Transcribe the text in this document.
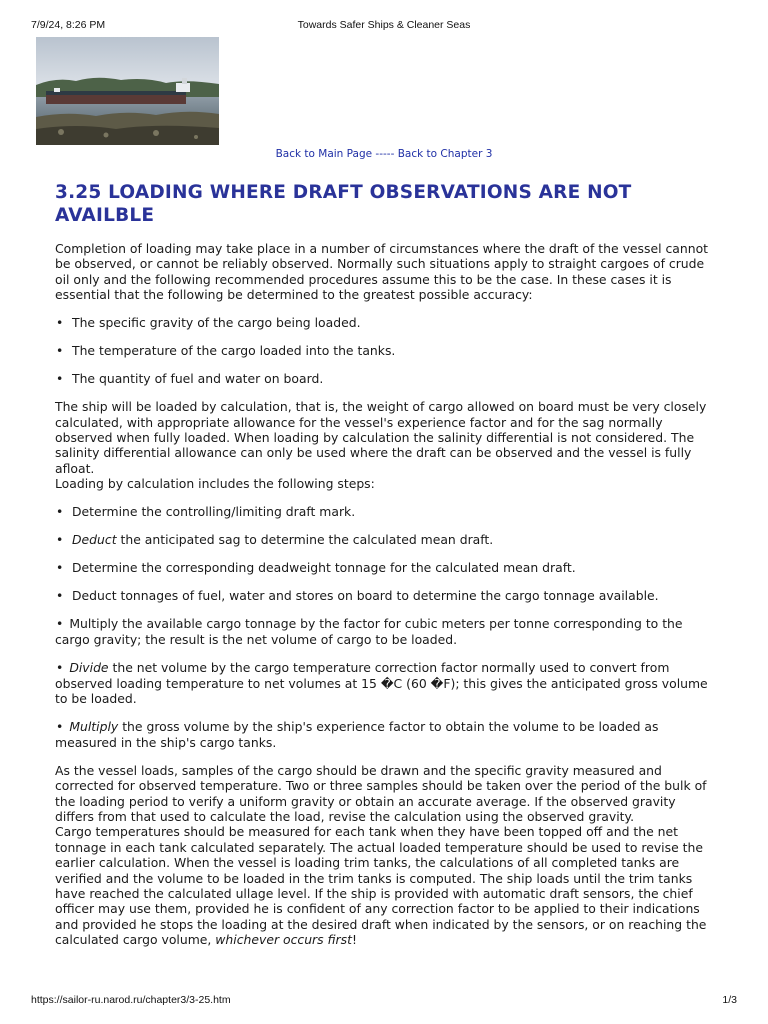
7/9/24, 8:26 PM	Towards Safer Ships & Cleaner Seas
Back to Main Page ----- Back to Chapter 3
3.25 LOADING WHERE DRAFT OBSERVATIONS ARE NOT AVAILBLE

Completion of loading may take place in a number of circumstances where the draft of the vessel cannot be observed, or cannot be reliably observed. Normally such situations apply to straight cargoes of crude oil only and the following recommended procedures assume this to be the case. In these cases it is essential that the following be determined to the greatest possible accuracy:

• The specific gravity of the cargo being loaded.
• The temperature of the cargo loaded into the tanks.
• The quantity of fuel and water on board.

The ship will be loaded by calculation, that is, the weight of cargo allowed on board must be very closely calculated, with appropriate allowance for the vessel's experience factor and for the sag normally observed when fully loaded. When loading by calculation the salinity differential is not considered. The salinity differential allowance can only be used where the draft can be observed and the vessel is fully afloat.
Loading by calculation includes the following steps:

• Determine the controlling/limiting draft mark.
• Deduct the anticipated sag to determine the calculated mean draft.
• Determine the corresponding deadweight tonnage for the calculated mean draft.
• Deduct tonnages of fuel, water and stores on board to determine the cargo tonnage available.
• Multiply the available cargo tonnage by the factor for cubic meters per tonne corresponding to the cargo gravity; the result is the net volume of cargo to be loaded.
• Divide the net volume by the cargo temperature correction factor normally used to convert from observed loading temperature to net volumes at 15 �C (60 �F); this gives the anticipated gross volume to be loaded.
• Multiply the gross volume by the ship's experience factor to obtain the volume to be loaded as measured in the ship's cargo tanks.

As the vessel loads, samples of the cargo should be drawn and the specific gravity measured and corrected for observed temperature. Two or three samples should be taken over the period of the bulk of the loading period to verify a uniform gravity or obtain an accurate average. If the observed gravity differs from that used to calculate the load, revise the calculation using the observed gravity.
Cargo temperatures should be measured for each tank when they have been topped off and the net tonnage in each tank calculated separately. The actual loaded temperature should be used to revise the earlier calculation. When the vessel is loading trim tanks, the calculations of all completed tanks are verified and the volume to be loaded in the trim tanks is computed. The ship loads until the trim tanks have reached the calculated ullage level. If the ship is provided with automatic draft sensors, the chief officer may use them, provided he is confident of any correction factor to be applied to their indications and provided he stops the loading at the desired draft when indicated by the sensors, or on reaching the calculated cargo volume, whichever occurs first!

https://sailor-ru.narod.ru/chapter3/3-25.htm	1/3
